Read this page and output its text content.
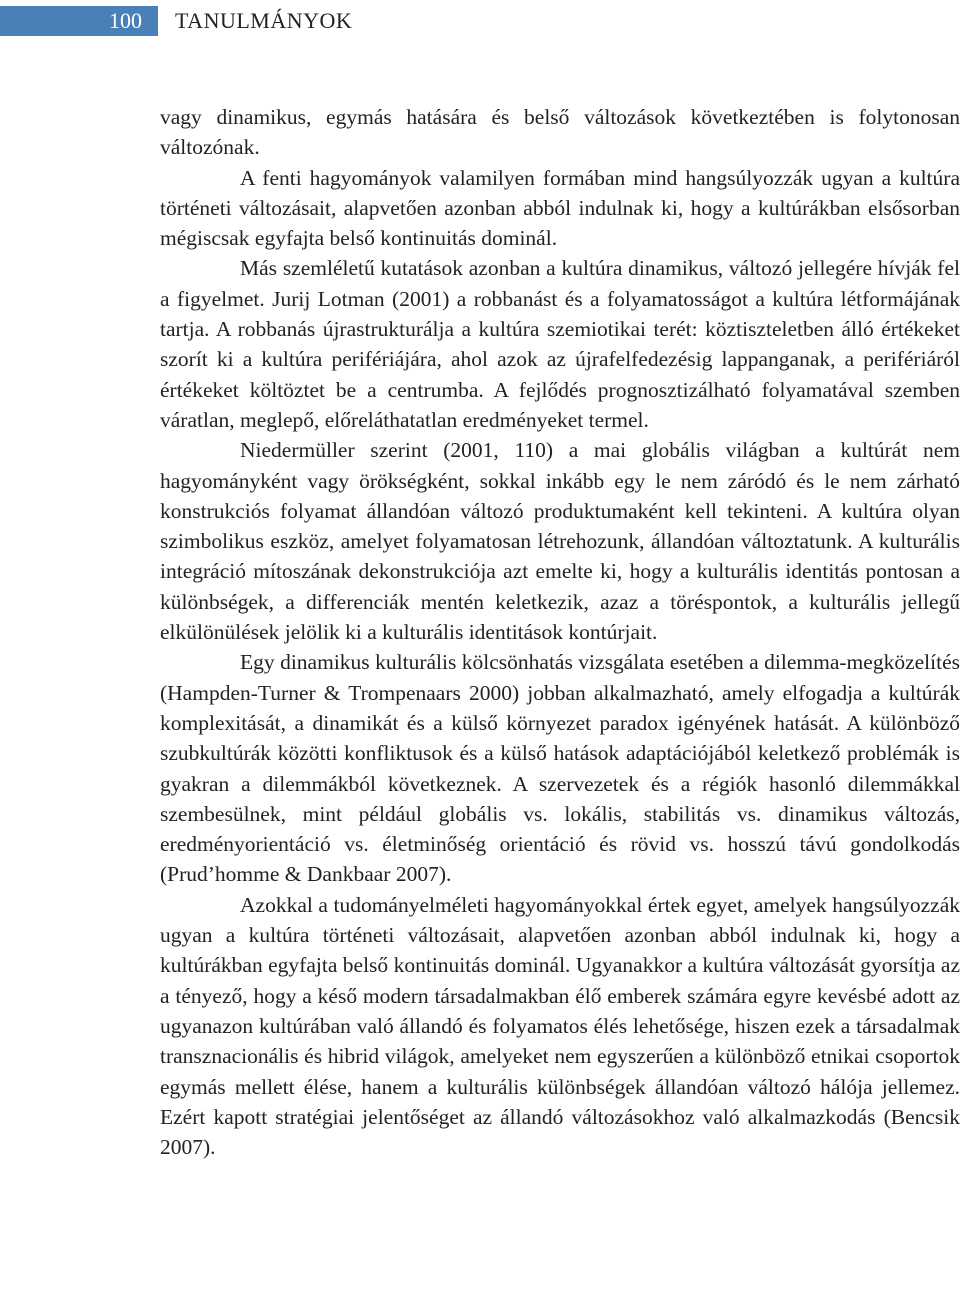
100	TANULMÁNYOK

vagy dinamikus, egymás hatására és belső változások következtében is folytonosan változónak.

A fenti hagyományok valamilyen formában mind hangsúlyozzák ugyan a kultúra történeti változásait, alapvetően azonban abból indulnak ki, hogy a kultúrákban elsősorban mégiscsak egyfajta belső kontinuitás dominál.

Más szemléletű kutatások azonban a kultúra dinamikus, változó jellegére hívják fel a figyelmet. Jurij Lotman (2001) a robbanást és a folyamatosságot a kultúra létformájának tartja. A robbanás újrastrukturálja a kultúra szemiotikai terét: köztiszteletben álló értékeket szorít ki a kultúra perifériájára, ahol azok az újrafelfedezésig lappanganak, a perifériáról értékeket költöztet be a centrumba. A fejlődés prognosztizálható folyamatával szemben váratlan, meglepő, előreláthatatlan eredményeket termel.

Niedermüller szerint (2001, 110) a mai globális világban a kultúrát nem hagyományként vagy örökségként, sokkal inkább egy le nem záródó és le nem zárható konstrukciós folyamat állandóan változó produktumaként kell tekinteni. A kultúra olyan szimbolikus eszköz, amelyet folyamatosan létrehozunk, állandóan változtatunk. A kulturális integráció mítoszának dekonstrukciója azt emelte ki, hogy a kulturális identitás pontosan a különbségek, a differenciák mentén keletkezik, azaz a töréspontok, a kulturális jellegű elkülönülések jelölik ki a kulturális identitások kontúrjait.

Egy dinamikus kulturális kölcsönhatás vizsgálata esetében a dilemma-megközelítés (Hampden-Turner & Trompenaars 2000) jobban alkalmazható, amely elfogadja a kultúrák komplexitását, a dinamikát és a külső környezet paradox igényének hatását. A különböző szubkultúrák közötti konfliktusok és a külső hatások adaptációjából keletkező problémák is gyakran a dilemmákból következnek. A szervezetek és a régiók hasonló dilemmákkal szembesülnek, mint például globális vs. lokális, stabilitás vs. dinamikus változás, eredményorientáció vs. életminőség orientáció és rövid vs. hosszú távú gondolkodás (Prud’homme & Dankbaar 2007).

Azokkal a tudományelméleti hagyományokkal értek egyet, amelyek hangsúlyozzák ugyan a kultúra történeti változásait, alapvetően azonban abból indulnak ki, hogy a kultúrákban egyfajta belső kontinuitás dominál. Ugyanakkor a kultúra változását gyorsítja az a tényező, hogy a késő modern társadalmakban élő emberek számára egyre kevésbé adott az ugyanazon kultúrában való állandó és folyamatos élés lehetősége, hiszen ezek a társadalmak transznacionális és hibrid világok, amelyeket nem egyszerűen a különböző etnikai csoportok egymás mellett élése, hanem a kulturális különbségek állandóan változó hálója jellemez. Ezért kapott stratégiai jelentőséget az állandó változásokhoz való alkalmazkodás (Bencsik 2007).
